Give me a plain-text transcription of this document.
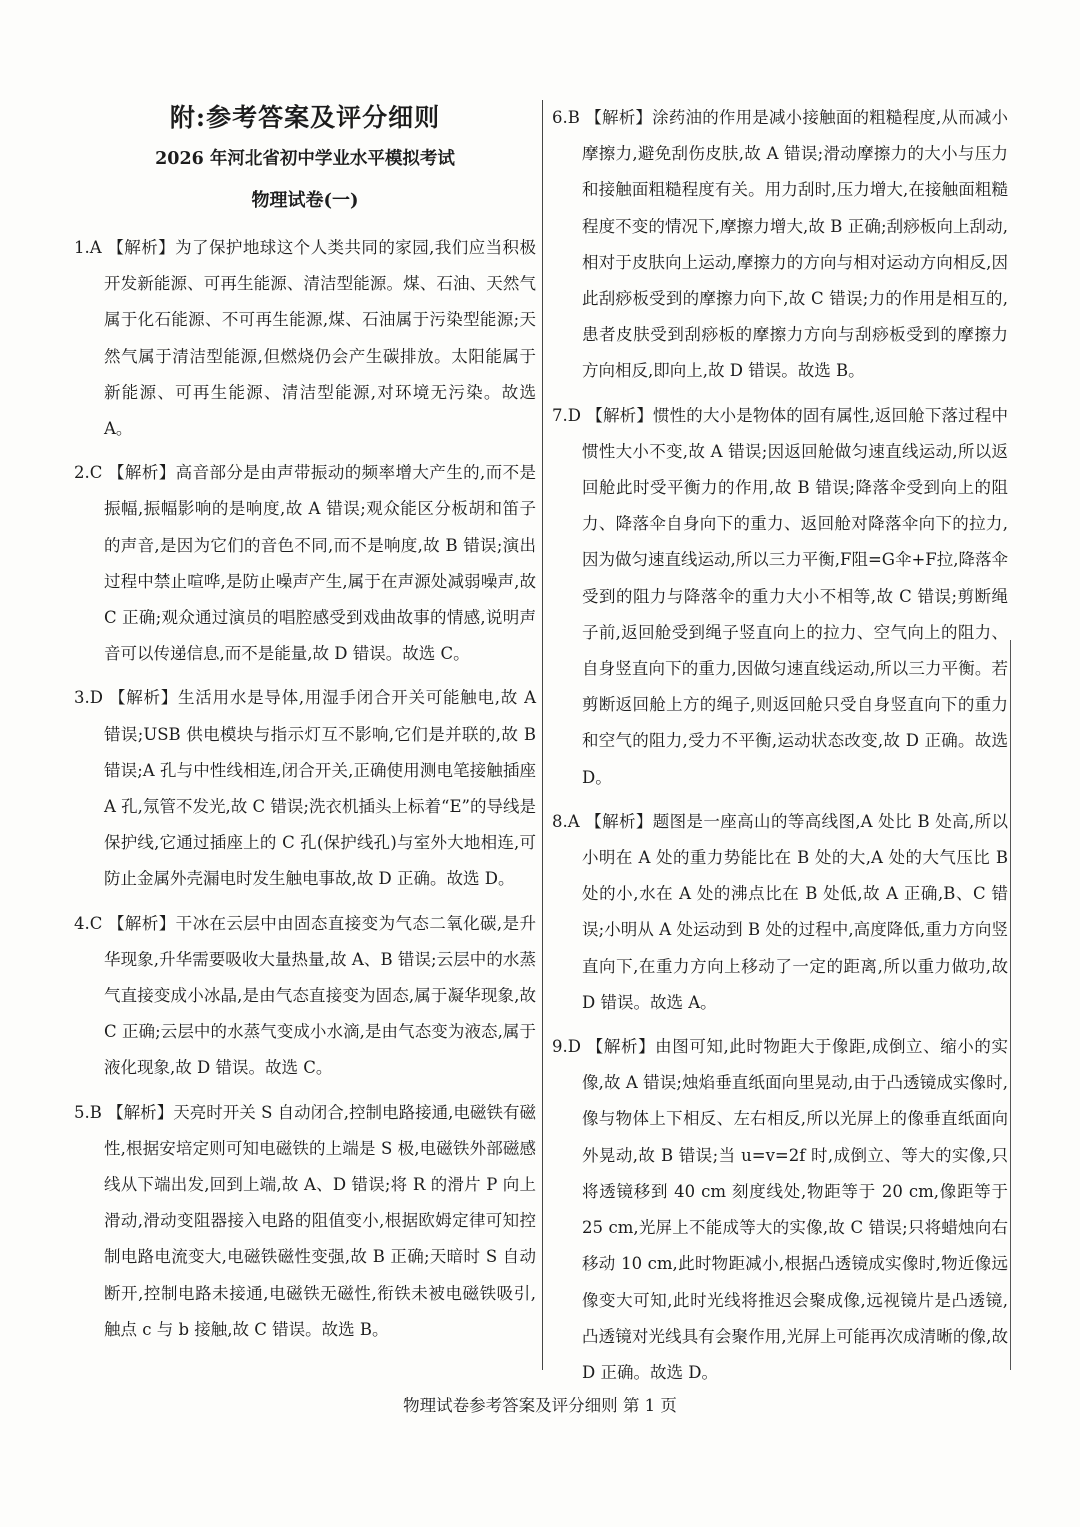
附:参考答案及评分细则
2026 年河北省初中学业水平模拟考试
物理试卷(一)
1.A 【解析】为了保护地球这个人类共同的家园,我们应当积极开发新能源、可再生能源、清洁型能源。煤、石油、天然气属于化石能源、不可再生能源,煤、石油属于污染型能源;天然气属于清洁型能源,但燃烧仍会产生碳排放。太阳能属于新能源、可再生能源、清洁型能源,对环境无污染。故选 A。
2.C 【解析】高音部分是由声带振动的频率增大产生的,而不是振幅,振幅影响的是响度,故 A 错误;观众能区分板胡和笛子的声音,是因为它们的音色不同,而不是响度,故 B 错误;演出过程中禁止喧哗,是防止噪声产生,属于在声源处减弱噪声,故 C 正确;观众通过演员的唱腔感受到戏曲故事的情感,说明声音可以传递信息,而不是能量,故 D 错误。故选 C。
3.D 【解析】生活用水是导体,用湿手闭合开关可能触电,故 A 错误;USB 供电模块与指示灯互不影响,它们是并联的,故 B 错误;A 孔与中性线相连,闭合开关,正确使用测电笔接触插座 A 孔,氖管不发光,故 C 错误;洗衣机插头上标着“E”的导线是保护线,它通过插座上的 C 孔(保护线孔)与室外大地相连,可防止金属外壳漏电时发生触电事故,故 D 正确。故选 D。
4.C 【解析】干冰在云层中由固态直接变为气态二氧化碳,是升华现象,升华需要吸收大量热量,故 A、B 错误;云层中的水蒸气直接变成小冰晶,是由气态直接变为固态,属于凝华现象,故 C 正确;云层中的水蒸气变成小水滴,是由气态变为液态,属于液化现象,故 D 错误。故选 C。
5.B 【解析】天亮时开关 S 自动闭合,控制电路接通,电磁铁有磁性,根据安培定则可知电磁铁的上端是 S 极,电磁铁外部磁感线从下端出发,回到上端,故 A、D 错误;将 R 的滑片 P 向上滑动,滑动变阻器接入电路的阻值变小,根据欧姆定律可知控制电路电流变大,电磁铁磁性变强,故 B 正确;天暗时 S 自动断开,控制电路未接通,电磁铁无磁性,衔铁未被电磁铁吸引,触点 c 与 b 接触,故 C 错误。故选 B。
6.B 【解析】涂药油的作用是减小接触面的粗糙程度,从而减小摩擦力,避免刮伤皮肤,故 A 错误;滑动摩擦力的大小与压力和接触面粗糙程度有关。用力刮时,压力增大,在接触面粗糙程度不变的情况下,摩擦力增大,故 B 正确;刮痧板向上刮动,相对于皮肤向上运动,摩擦力的方向与相对运动方向相反,因此刮痧板受到的摩擦力向下,故 C 错误;力的作用是相互的,患者皮肤受到刮痧板的摩擦力方向与刮痧板受到的摩擦力方向相反,即向上,故 D 错误。故选 B。
7.D 【解析】惯性的大小是物体的固有属性,返回舱下落过程中惯性大小不变,故 A 错误;因返回舱做匀速直线运动,所以返回舱此时受平衡力的作用,故 B 错误;降落伞受到向上的阻力、降落伞自身向下的重力、返回舱对降落伞向下的拉力,因为做匀速直线运动,所以三力平衡,F阻=G伞+F拉,降落伞受到的阻力与降落伞的重力大小不相等,故 C 错误;剪断绳子前,返回舱受到绳子竖直向上的拉力、空气向上的阻力、自身竖直向下的重力,因做匀速直线运动,所以三力平衡。若剪断返回舱上方的绳子,则返回舱只受自身竖直向下的重力和空气的阻力,受力不平衡,运动状态改变,故 D 正确。故选 D。
8.A 【解析】题图是一座高山的等高线图,A 处比 B 处高,所以小明在 A 处的重力势能比在 B 处的大,A 处的大气压比 B 处的小,水在 A 处的沸点比在 B 处低,故 A 正确,B、C 错误;小明从 A 处运动到 B 处的过程中,高度降低,重力方向竖直向下,在重力方向上移动了一定的距离,所以重力做功,故 D 错误。故选 A。
9.D 【解析】由图可知,此时物距大于像距,成倒立、缩小的实像,故 A 错误;烛焰垂直纸面向里晃动,由于凸透镜成实像时,像与物体上下相反、左右相反,所以光屏上的像垂直纸面向外晃动,故 B 错误;当 u=v=2f 时,成倒立、等大的实像,只将透镜移到 40 cm 刻度线处,物距等于 20 cm,像距等于 25 cm,光屏上不能成等大的实像,故 C 错误;只将蜡烛向右移动 10 cm,此时物距减小,根据凸透镜成实像时,物近像远像变大可知,此时光线将推迟会聚成像,远视镜片是凸透镜,凸透镜对光线具有会聚作用,光屏上可能再次成清晰的像,故 D 正确。故选 D。
物理试卷参考答案及评分细则 第 1 页
